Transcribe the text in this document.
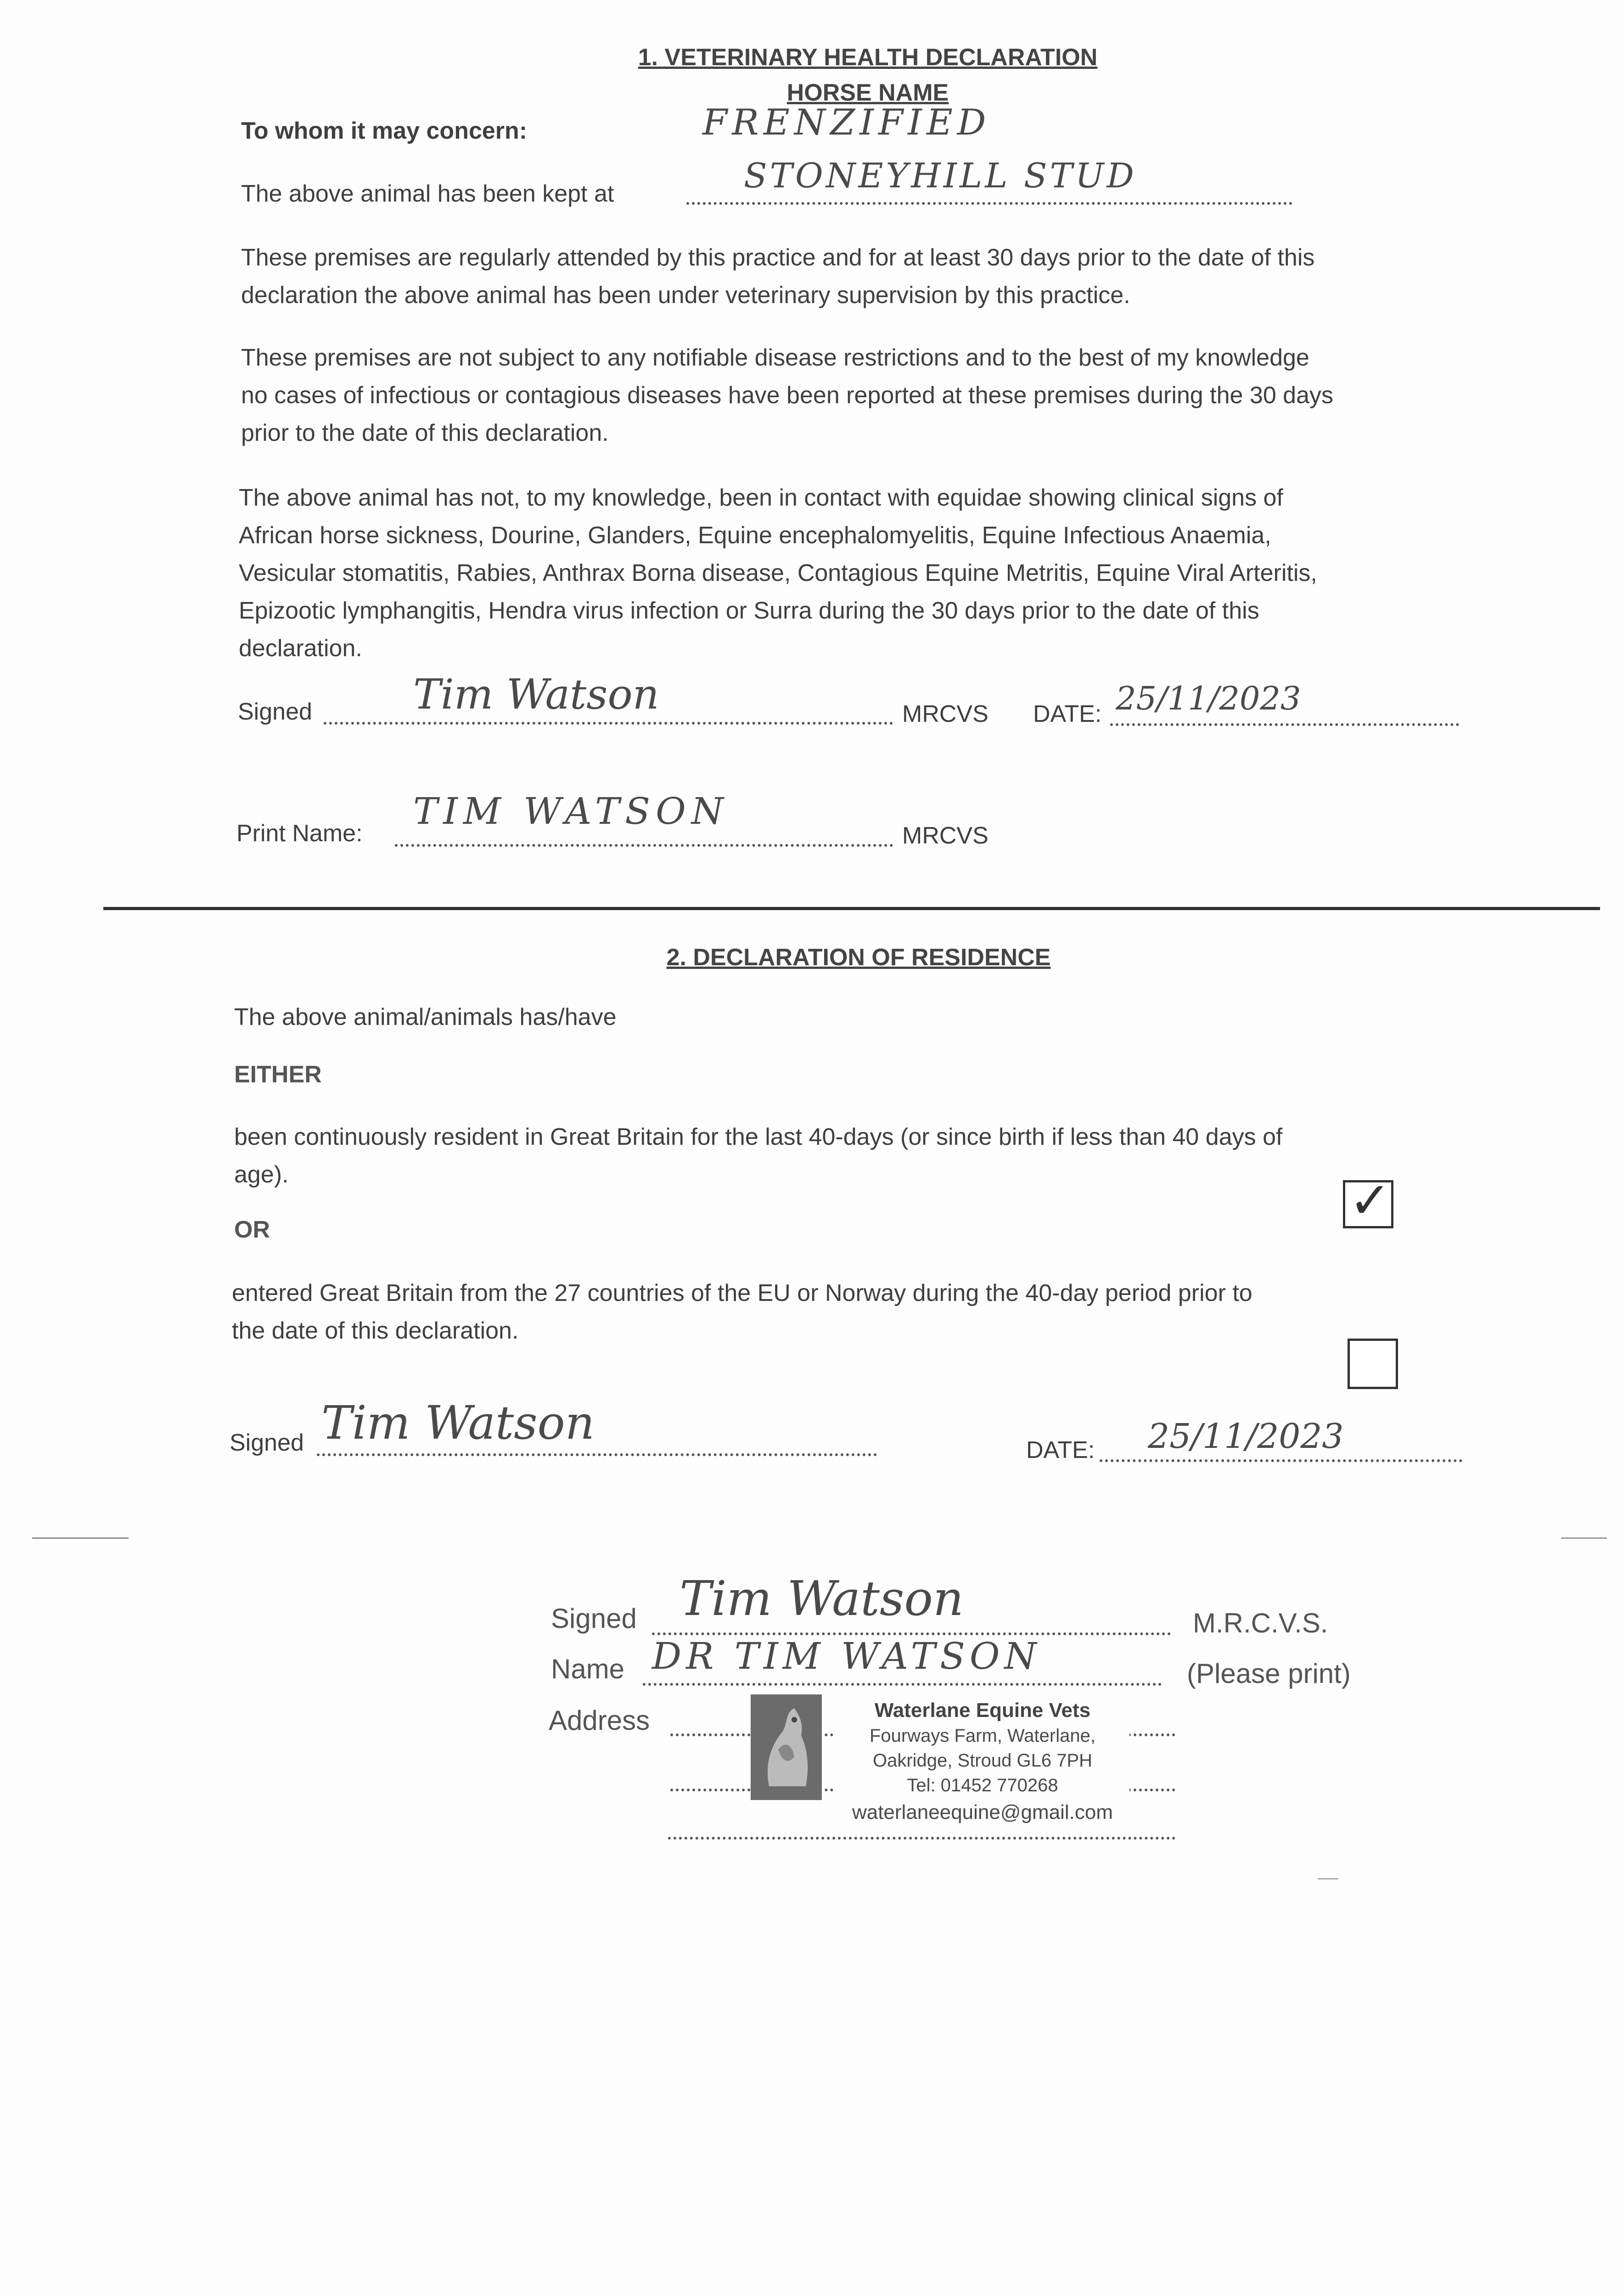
1. VETERINARY HEALTH DECLARATION
HORSE NAME
To whom it may concern:	FRENZIFIED
The above animal has been kept at	STONEYHILL STUD
These premises are regularly attended by this practice and for at least 30 days prior to the date of this
declaration the above animal has been under veterinary supervision by this practice.
These premises are not subject to any notifiable disease restrictions and to the best of my knowledge
no cases of infectious or contagious diseases have been reported at these premises during the 30 days
prior to the date of this declaration.
The above animal has not, to my knowledge, been in contact with equidae showing clinical signs of
African horse sickness, Dourine, Glanders, Equine encephalomyelitis, Equine Infectious Anaemia,
Vesicular stomatitis, Rabies, Anthrax Borna disease, Contagious Equine Metritis, Equine Viral Arteritis,
Epizootic lymphangitis, Hendra virus infection or Surra during the 30 days prior to the date of this
declaration.
Signed Tim Watson	MRCVS DATE: 25/11/2023
Print Name:
TIM WATSON
MRCVS
2. DECLARATION OF RESIDENCE
The above animal/animals has/have
EITHER
been continuously resident in Great Britain for the last 40-days (or since birth if less than 40 days of
age).	✓
OR
entered Great Britain from the 27 countries of the EU or Norway during the 40-day period prior to
the date of this declaration.
Signed Tim Watson
DATE: 25/11/2023
Signed Tim Watson	M.R.C.V.S.
Name DR TIM WATSON	(Please print)
Address	Waterlane Equine Vets
Fourways Farm, Waterlane,
Oakridge, Stroud GL6 7PH
Tel: 01452 770268
waterlaneequine@gmail.com
